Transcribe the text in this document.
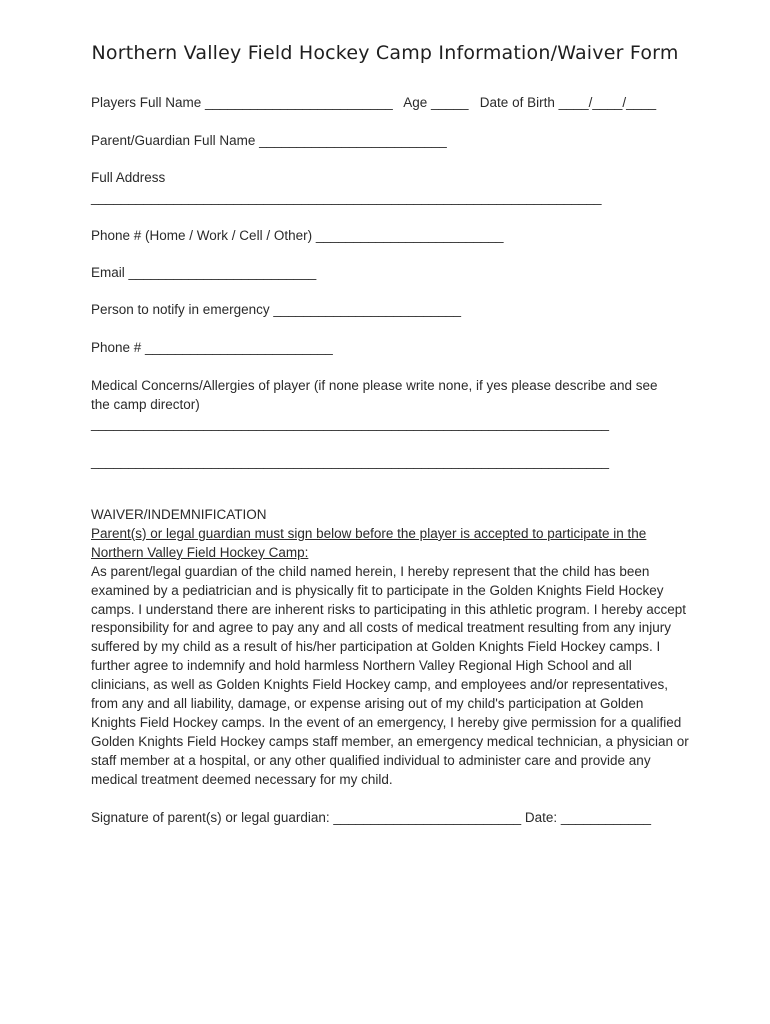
Northern Valley Field Hockey Camp Information/Waiver Form
Players Full Name _________________________   Age _____   Date of Birth ____/____/____
Parent/Guardian Full Name _________________________
Full Address
____________________________________________________________________
Phone # (Home / Work / Cell / Other) _________________________
Email _________________________
Person to notify in emergency _________________________
Phone # _________________________
Medical Concerns/Allergies of player (if none please write none, if yes please describe and see
the camp director)
_____________________________________________________________________
_____________________________________________________________________

WAIVER/INDEMNIFICATION

Parent(s) or legal guardian must sign below before the player is accepted to participate in the Northern Valley Field Hockey Camp:

As parent/legal guardian of the child named herein, I hereby represent that the child has been examined by a pediatrician and is physically fit to participate in the Golden Knights Field Hockey camps. I understand there are inherent risks to participating in this athletic program. I hereby accept responsibility for and agree to pay any and all costs of medical treatment resulting from any injury suffered by my child as a result of his/her participation at Golden Knights Field Hockey camps. I further agree to indemnify and hold harmless Northern Valley Regional High School and all clinicians, as well as Golden Knights Field Hockey camp, and employees and/or representatives, from any and all liability, damage, or expense arising out of my child's participation at Golden Knights Field Hockey camps. In the event of an emergency, I hereby give permission for a qualified Golden Knights Field Hockey camps staff member, an emergency medical technician, a physician or staff member at a hospital, or any other qualified individual to administer care and provide any medical treatment deemed necessary for my child.

Signature of parent(s) or legal guardian: _________________________ Date: ____________
